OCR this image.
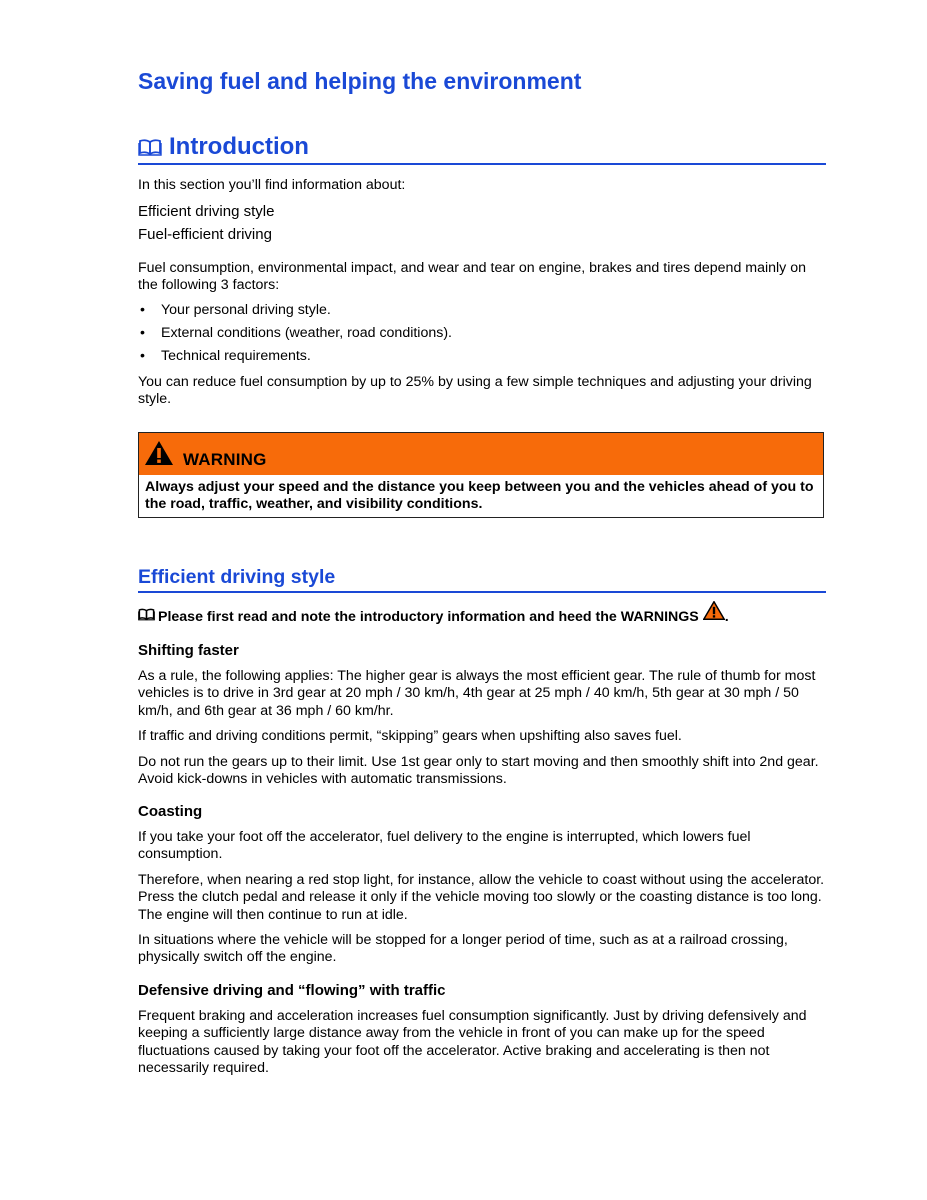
Saving fuel and helping the environment
Introduction

In this section you’ll find information about:

Efficient driving style

Fuel-efficient driving

Fuel consumption, environmental impact, and wear and tear on engine, brakes and tires depend mainly on the following 3 factors:

• Your personal driving style.
• External conditions (weather, road conditions).
• Technical requirements.

You can reduce fuel consumption by up to 25% by using a few simple techniques and adjusting your driving style.

WARNING
Always adjust your speed and the distance you keep between you and the vehicles ahead of you to the road, traffic, weather, and visibility conditions.
Efficient driving style
Please first read and note the introductory information and heed the WARNINGS .

Shifting faster

As a rule, the following applies: The higher gear is always the most efficient gear. The rule of thumb for most vehicles is to drive in 3rd gear at 20 mph / 30 km/h, 4th gear at 25 mph / 40 km/h, 5th gear at 30 mph / 50 km/h, and 6th gear at 36 mph / 60 km/hr.

If traffic and driving conditions permit, “skipping” gears when upshifting also saves fuel.

Do not run the gears up to their limit. Use 1st gear only to start moving and then smoothly shift into 2nd gear. Avoid kick-downs in vehicles with automatic transmissions.

Coasting

If you take your foot off the accelerator, fuel delivery to the engine is interrupted, which lowers fuel consumption.

Therefore, when nearing a red stop light, for instance, allow the vehicle to coast without using the accelerator. Press the clutch pedal and release it only if the vehicle moving too slowly or the coasting distance is too long. The engine will then continue to run at idle.

In situations where the vehicle will be stopped for a longer period of time, such as at a railroad crossing, physically switch off the engine.

Defensive driving and “flowing” with traffic

Frequent braking and acceleration increases fuel consumption significantly. Just by driving defensively and keeping a sufficiently large distance away from the vehicle in front of you can make up for the speed fluctuations caused by taking your foot off the accelerator. Active braking and accelerating is then not necessarily required.
